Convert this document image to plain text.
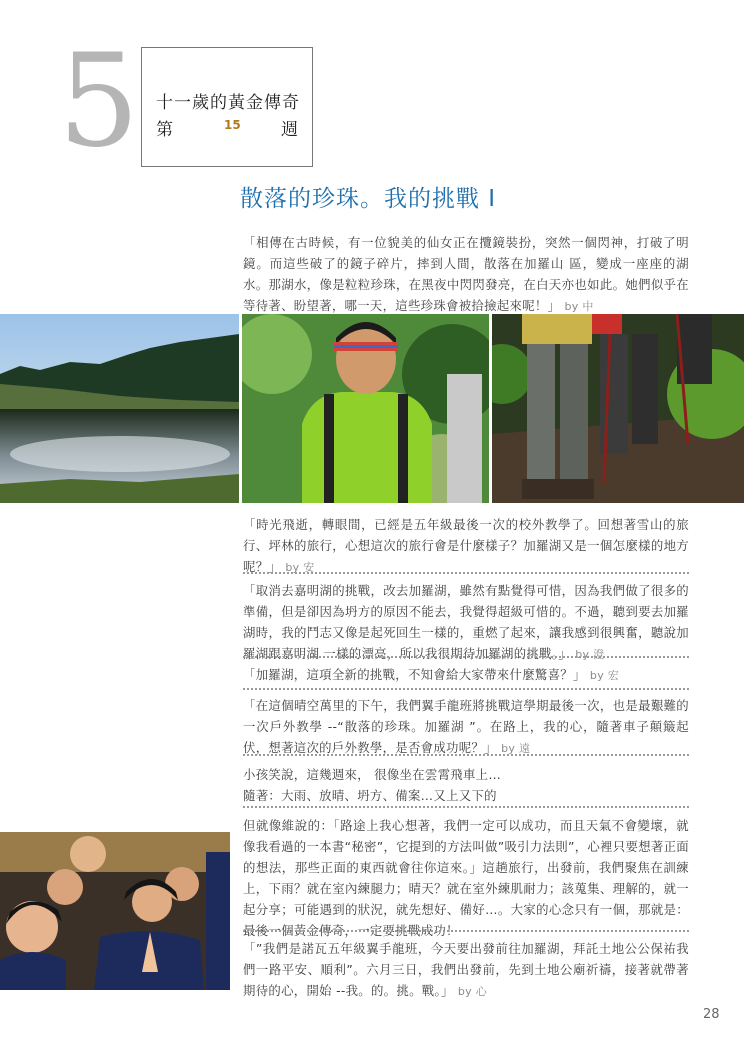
5 十一歲的黃金傳奇
第	15 週
散落的珍珠。我的挑戰 I
「相傳在古時候，有一位貌美的仙女正在攬鏡裝扮，突然一個閃神，打破了明鏡。而這些破了的鏡子碎片，摔到人間，散落在加羅山 區，變成一座座的湖水。那湖水，像是粒粒珍珠，在黑夜中閃閃發亮，在白天亦也如此。她們似乎在等待著、盼望著，哪一天，這些珍珠會被拾撿起來呢！」 by 中
「時光飛逝，轉眼間，已經是五年級最後一次的校外教學了。回想著雪山的旅行、坪林的旅行，心想這次的旅行會是什麼樣子？加羅湖又是一個怎麼樣的地方呢？」 by 安
「取消去嘉明湖的挑戰，改去加羅湖，雖然有點覺得可惜，因為我們做了很多的準備，但是卻因為坍方的原因不能去，我覺得超級可惜的。不過，聽到要去加羅湖時，我的鬥志又像是起死回生一樣的，重燃了起來，讓我感到很興奮，聽說加羅湖跟嘉明湖 一樣的漂亮，所以我很期待加羅湖的挑戰。」 by 澄
「加羅湖，這項全新的挑戰，不知會給大家帶來什麼驚喜？」 by 宏
「在這個晴空萬里的下午，我們翼手龍班將挑戰這學期最後一次，也是最艱難的一次戶外教學 --“散落的珍珠。加羅湖 ”。在路上，我的心，隨著車子顛簸起伏，想著這次的戶外教學，是否會成功呢？」 by 遠
小孩笑說，這幾週來， 很像坐在雲霄飛車上…
隨著：大雨、放晴、坍方、備案…又上又下的
但就像維說的：「路途上我心想著，我們一定可以成功，而且天氣不會變壞，就像我看過的一本書“秘密”，它提到的方法叫做”吸引力法則”，心裡只要想著正面的想法，那些正面的東西就會往你這來。」這趟旅行，出發前，我們聚焦在訓練上，下雨？就在室內練腿力；晴天？就在室外練肌耐力；該蒐集、理解的，就一起分享；可能遇到的狀況，就先想好、備好…。大家的心念只有一個，那就是：最後一個黃金傳奇，一定要挑戰成功！
「”我們是諾瓦五年級翼手龍班，今天要出發前往加羅湖，拜託土地公公保祐我們一路平安、順利”。六月三日，我們出發前，先到土地公廟祈禱，接著就帶著期待的心，開始 --我。的。挑。戰。」 by 心
28
